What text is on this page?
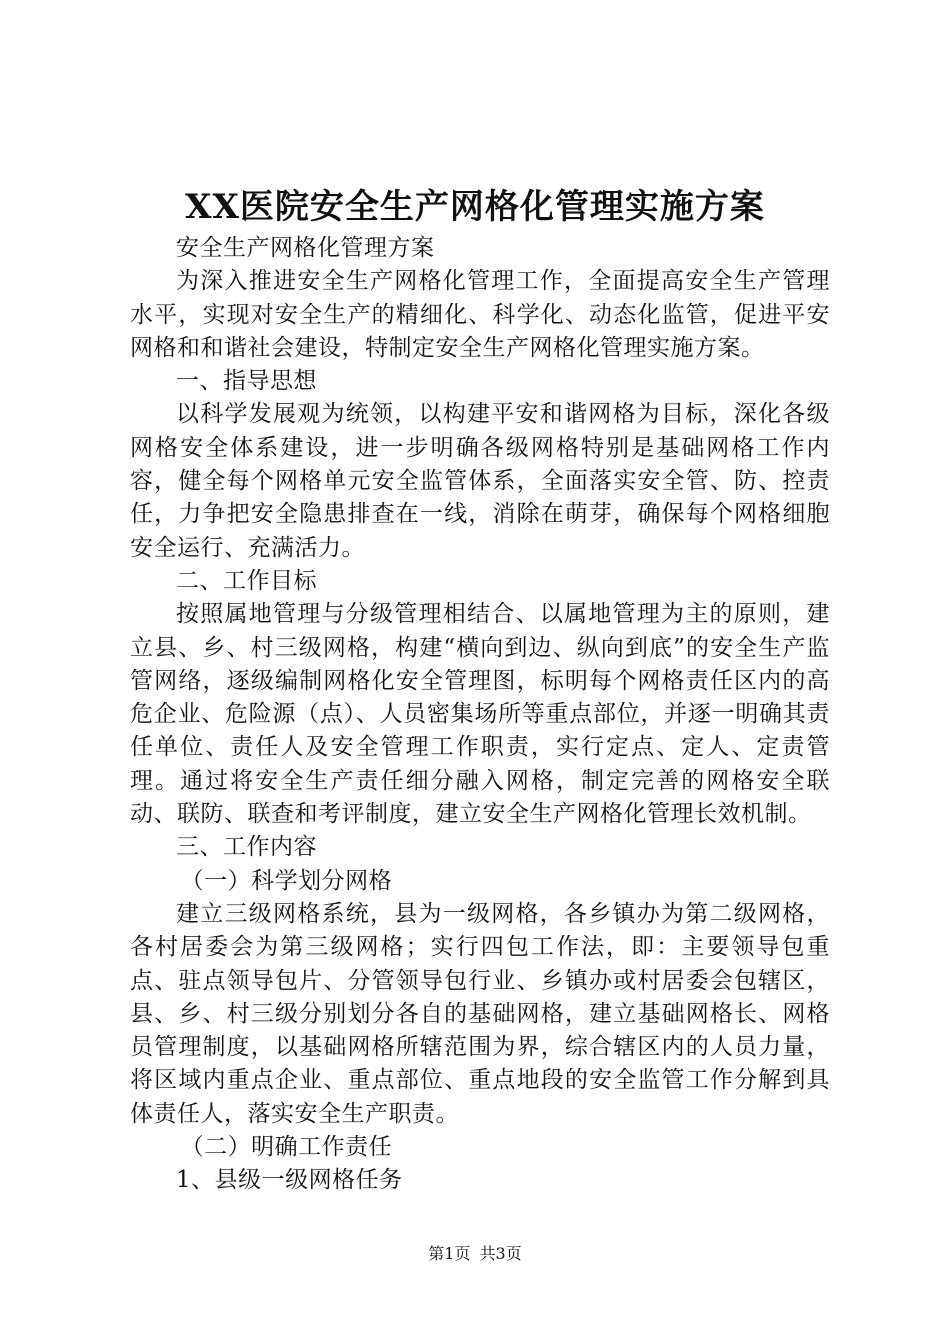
XX医院安全生产网格化管理实施方案

安全生产网格化管理方案

为深入推进安全生产网格化管理工作，全面提高安全生产管理水平，实现对安全生产的精细化、科学化、动态化监管，促进平安网格和和谐社会建设，特制定安全生产网格化管理实施方案。

一、指导思想

以科学发展观为统领，以构建平安和谐网格为目标，深化各级网格安全体系建设，进一步明确各级网格特别是基础网格工作内容，健全每个网格单元安全监管体系，全面落实安全管、防、控责任，力争把安全隐患排查在一线，消除在萌芽，确保每个网格细胞安全运行、充满活力。

二、工作目标

按照属地管理与分级管理相结合、以属地管理为主的原则，建立县、乡、村三级网格，构建“横向到边、纵向到底”的安全生产监管网络，逐级编制网格化安全管理图，标明每个网格责任区内的高危企业、危险源（点）、人员密集场所等重点部位，并逐一明确其责任单位、责任人及安全管理工作职责，实行定点、定人、定责管理。通过将安全生产责任细分融入网格，制定完善的网格安全联动、联防、联查和考评制度，建立安全生产网格化管理长效机制。

三、工作内容

（一）科学划分网格

建立三级网格系统，县为一级网格，各乡镇办为第二级网格，各村居委会为第三级网格；实行四包工作法，即：主要领导包重点、驻点领导包片、分管领导包行业、乡镇办或村居委会包辖区，县、乡、村三级分别划分各自的基础网格，建立基础网格长、网格员管理制度，以基础网格所辖范围为界，综合辖区内的人员力量，将区域内重点企业、重点部位、重点地段的安全监管工作分解到具体责任人，落实安全生产职责。

（二）明确工作责任

1、县级一级网格任务

第1页 共3页
